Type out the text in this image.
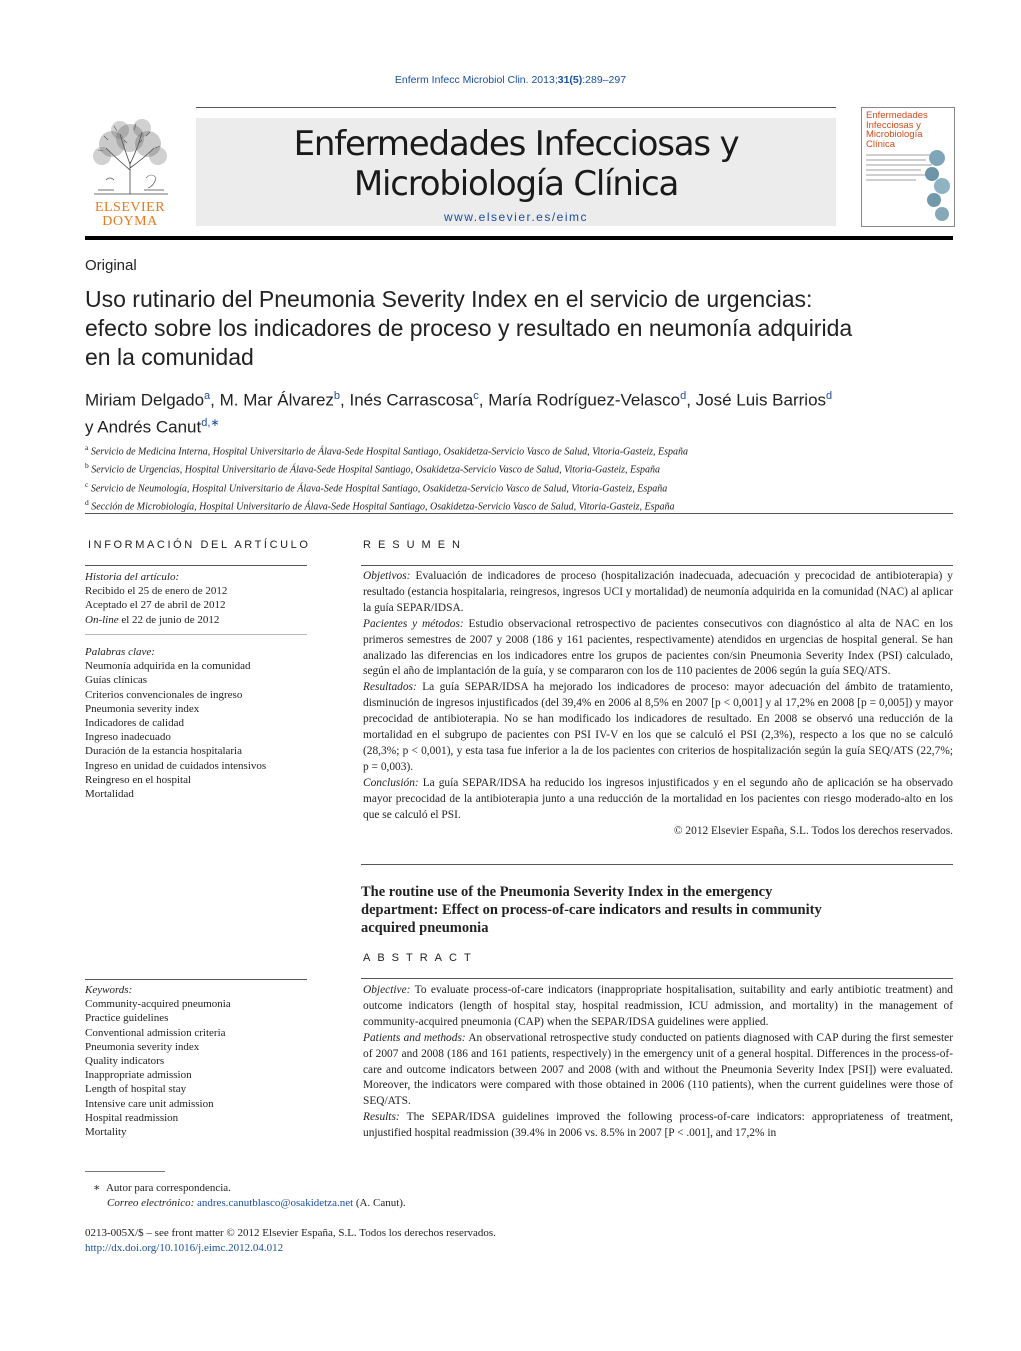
Enferm Infecc Microbiol Clin. 2013;31(5):289–297
ELSEVIER
DOYMA
Enfermedades Infecciosas y
Microbiología Clínica
www.elsevier.es/eimc
Enfermedades
Infecciosas y
Microbiología
Clínica
Original
Uso rutinario del Pneumonia Severity Index en el servicio de urgencias:
efecto sobre los indicadores de proceso y resultado en neumonía adquirida
en la comunidad
Miriam Delgado$^a$, M. Mar Álvarez$^b$, Inés Carrascosa$^c$, María Rodríguez-Velasco$^d$, José Luis Barrios$^d$
y Andrés Canut$^{d,∗}$
$^a$ Servicio de Medicina Interna, Hospital Universitario de Álava-Sede Hospital Santiago, Osakidetza-Servicio Vasco de Salud, Vitoria-Gasteiz, España
$^b$ Servicio de Urgencias, Hospital Universitario de Álava-Sede Hospital Santiago, Osakidetza-Servicio Vasco de Salud, Vitoria-Gasteiz, España
$^c$ Servicio de Neumología, Hospital Universitario de Álava-Sede Hospital Santiago, Osakidetza-Servicio Vasco de Salud, Vitoria-Gasteiz, España
$^d$ Sección de Microbiología, Hospital Universitario de Álava-Sede Hospital Santiago, Osakidetza-Servicio Vasco de Salud, Vitoria-Gasteiz, España
INFORMACIÓN DEL ARTÍCULO
Historia del artículo:
Recibido el 25 de enero de 2012
Aceptado el 27 de abril de 2012
On-line el 22 de junio de 2012
Palabras clave:
Neumonía adquirida en la comunidad
Guías clínicas
Criterios convencionales de ingreso
Pneumonia severity index
Indicadores de calidad
Ingreso inadecuado
Duración de la estancia hospitalaria
Ingreso en unidad de cuidados intensivos
Reingreso en el hospital
Mortalidad
Keywords:
Community-acquired pneumonia
Practice guidelines
Conventional admission criteria
Pneumonia severity index
Quality indicators
Inappropriate admission
Length of hospital stay
Intensive care unit admission
Hospital readmission
Mortality
RESUMEN

Objetivos: Evaluación de indicadores de proceso (hospitalización inadecuada, adecuación y precocidad de antibioterapia) y resultado (estancia hospitalaria, reingresos, ingresos UCI y mortalidad) de neumonía adquirida en la comunidad (NAC) al aplicar la guía SEPAR/IDSA.

Pacientes y métodos: Estudio observacional retrospectivo de pacientes consecutivos con diagnóstico al alta de NAC en los primeros semestres de 2007 y 2008 (186 y 161 pacientes, respectivamente) atendidos en urgencias de hospital general. Se han analizado las diferencias en los indicadores entre los grupos de pacientes con/sin Pneumonia Severity Index (PSI) calculado, según el año de implantación de la guía, y se compararon con los de 110 pacientes de 2006 según la guía SEQ/ATS.

Resultados: La guía SEPAR/IDSA ha mejorado los indicadores de proceso: mayor adecuación del ámbito de tratamiento, disminución de ingresos injustificados (del 39,4% en 2006 al 8,5% en 2007 [p < 0,001] y al 17,2% en 2008 [p = 0,005]) y mayor precocidad de antibioterapia. No se han modificado los indicadores de resultado. En 2008 se observó una reducción de la mortalidad en el subgrupo de pacientes con PSI IV-V en los que se calculó el PSI (2,3%), respecto a los que no se calculó (28,3%; p < 0,001), y esta tasa fue inferior a la de los pacientes con criterios de hospitalización según la guía SEQ/ATS (22,7%; p = 0,003).

Conclusión: La guía SEPAR/IDSA ha reducido los ingresos injustificados y en el segundo año de aplicación se ha observado mayor precocidad de la antibioterapia junto a una reducción de la mortalidad en los pacientes con riesgo moderado-alto en los que se calculó el PSI.

© 2012 Elsevier España, S.L. Todos los derechos reservados.

The routine use of the Pneumonia Severity Index in the emergency
department: Effect on process-of-care indicators and results in community
acquired pneumonia
ABSTRACT

Objective: To evaluate process-of-care indicators (inappropriate hospitalisation, suitability and early antibiotic treatment) and outcome indicators (length of hospital stay, hospital readmission, ICU admission, and mortality) in the management of community-acquired pneumonia (CAP) when the SEPAR/IDSA guidelines were applied.

Patients and methods: An observational retrospective study conducted on patients diagnosed with CAP during the first semester of 2007 and 2008 (186 and 161 patients, respectively) in the emergency unit of a general hospital. Differences in the process-of-care and outcome indicators between 2007 and 2008 (with and without the Pneumonia Severity Index [PSI]) were evaluated. Moreover, the indicators were compared with those obtained in 2006 (110 patients), when the current guidelines were those of SEQ/ATS.

Results: The SEPAR/IDSA guidelines improved the following process-of-care indicators: appropriateness of treatment, unjustified hospital readmission (39.4% in 2006 vs. 8.5% in 2007 [P < .001], and 17,2% in

∗ Autor para correspondencia.
Correo electrónico: andres.canutblasco@osakidetza.net (A. Canut).
0213-005X/$ – see front matter © 2012 Elsevier España, S.L. Todos los derechos reservados.
http://dx.doi.org/10.1016/j.eimc.2012.04.012
